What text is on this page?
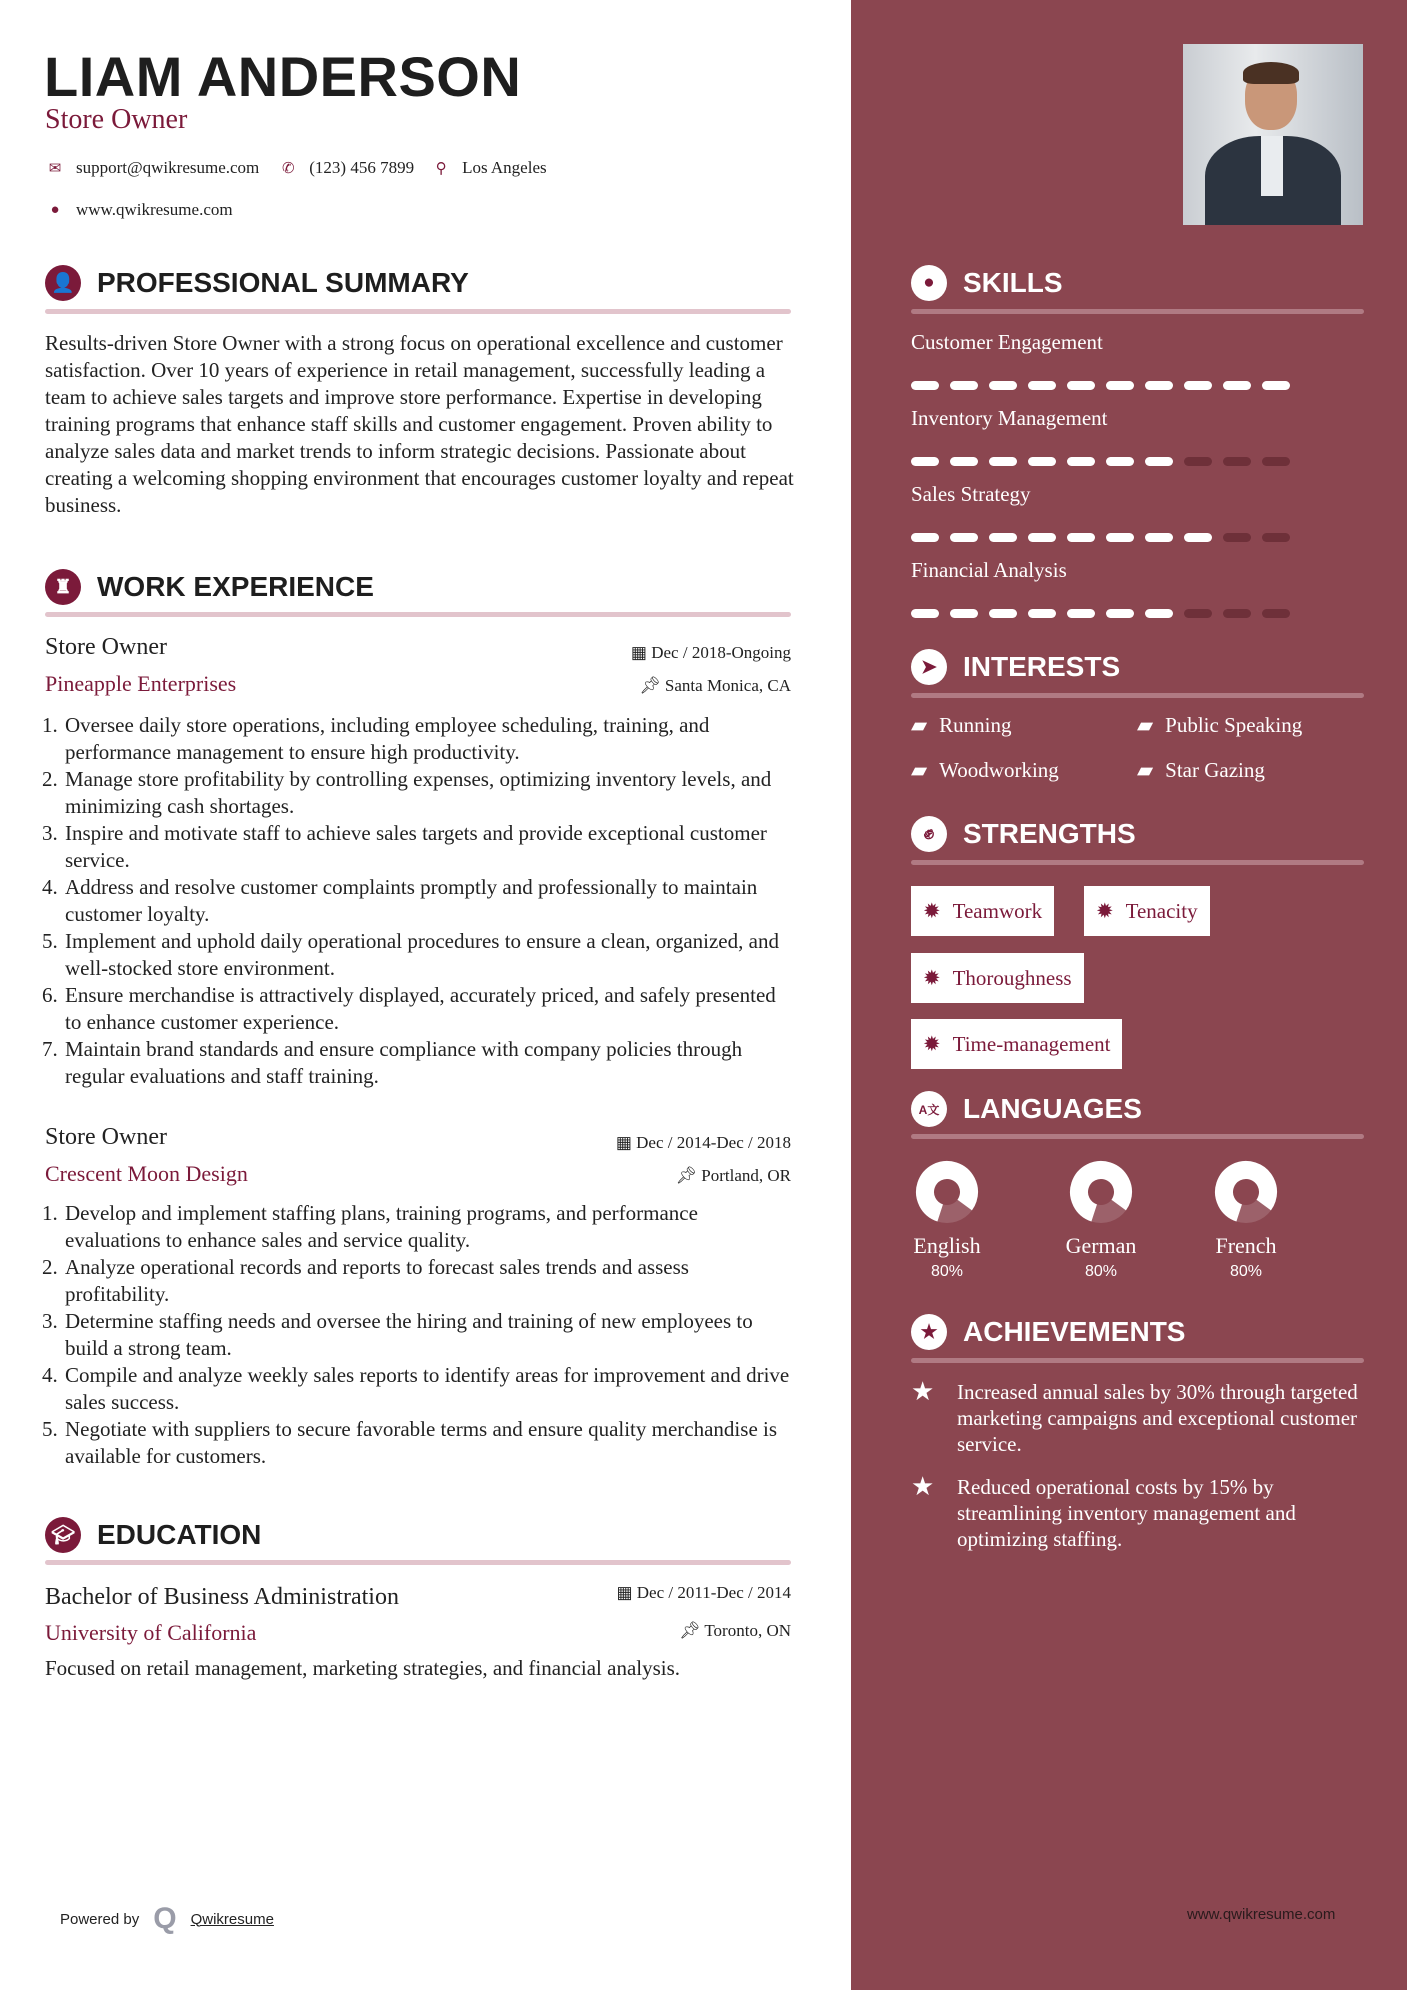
LIAM ANDERSON
Store Owner
✉ support@qwikresume.com	✆ (123) 456 7899	⚲ Los Angeles
● www.qwikresume.com
👤 PROFESSIONAL SUMMARY
Results-driven Store Owner with a strong focus on operational excellence and customer satisfaction. Over 10 years of experience in retail management, successfully leading a team to achieve sales targets and improve store performance. Expertise in developing training programs that enhance staff skills and customer engagement. Proven ability to analyze sales data and market trends to inform strategic decisions. Passionate about creating a welcoming shopping environment that encourages customer loyalty and repeat business.
♜ WORK EXPERIENCE
Store Owner	▦ Dec / 2018-Ongoing
Pineapple Enterprises	📌︎ Santa Monica, CA
1. Oversee daily store operations, including employee scheduling, training, and performance management to ensure high productivity.
2. Manage store profitability by controlling expenses, optimizing inventory levels, and minimizing cash shortages.
3. Inspire and motivate staff to achieve sales targets and provide exceptional customer service.
4. Address and resolve customer complaints promptly and professionally to maintain customer loyalty.
5. Implement and uphold daily operational procedures to ensure a clean, organized, and well-stocked store environment.
6. Ensure merchandise is attractively displayed, accurately priced, and safely presented to enhance customer experience.
7. Maintain brand standards and ensure compliance with company policies through regular evaluations and staff training.
Store Owner	▦ Dec / 2014-Dec / 2018
Crescent Moon Design	📌︎ Portland, OR
1. Develop and implement staffing plans, training programs, and performance evaluations to enhance sales and service quality.
2. Analyze operational records and reports to forecast sales trends and assess profitability.
3. Determine staffing needs and oversee the hiring and training of new employees to build a strong team.
4. Compile and analyze weekly sales reports to identify areas for improvement and drive sales success.
5. Negotiate with suppliers to secure favorable terms and ensure quality merchandise is available for customers.
🎓︎ EDUCATION
Bachelor of Business Administration	▦ Dec / 2011-Dec / 2014
University of California	📌︎ Toronto, ON
Focused on retail management, marketing strategies, and financial analysis.
Powered by Q Qwikresume	www.qwikresume.com
●	SKILLS
Customer Engagement
Inventory Management
Sales Strategy
Financial Analysis
➤ INTERESTS
▰ Running	▰ Public Speaking
▰ Woodworking	▰ Star Gazing
✊︎	STRENGTHS
✹ Teamwork	✹ Tenacity
✹ Thoroughness
✹ Time-management
A文 LANGUAGES
English
80%
German
80%
French
80%
★ ACHIEVEMENTS
★	Increased annual sales by 30% through targeted marketing campaigns and exceptional customer service.
★	Reduced operational costs by 15% by streamlining inventory management and optimizing staffing.
